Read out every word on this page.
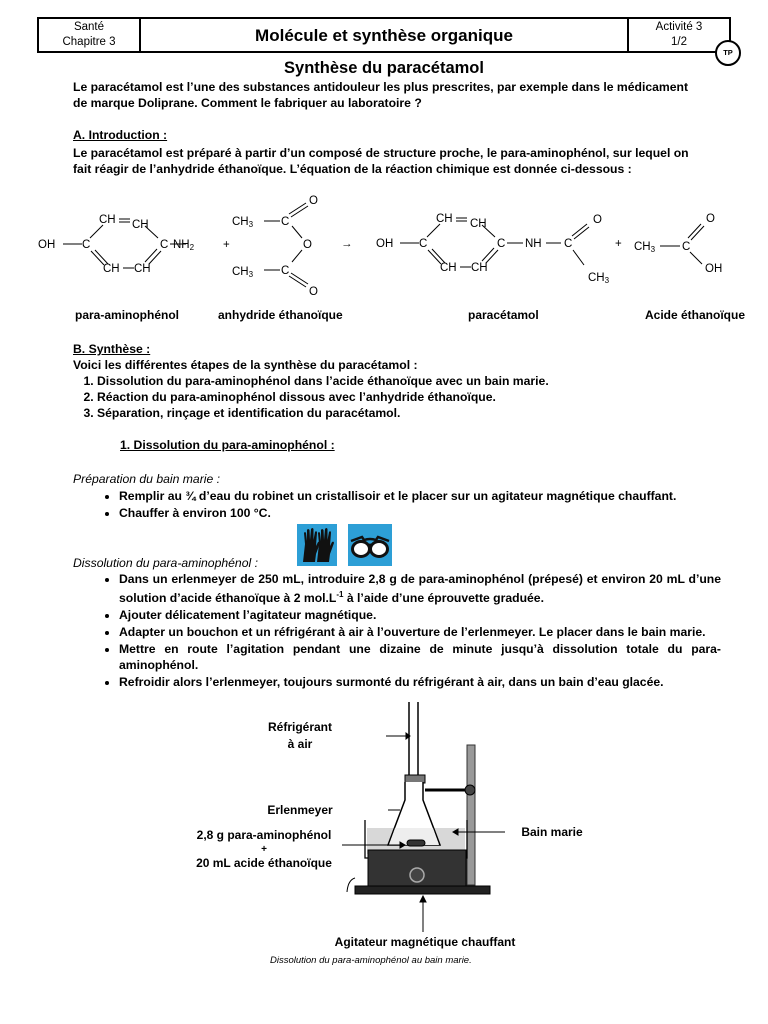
Santé
Chapitre 3	Molécule et synthèse organique	Activité 3
1/2
TP
Synthèse du paracétamol
Le paracétamol est l’une des substances antidouleur les plus prescrites, par exemple dans le médicament de marque Doliprane. Comment le fabriquer au laboratoire ?
A. Introduction :
Le paracétamol est préparé à partir d’un composé de structure proche, le para-aminophénol, sur lequel on fait réagir de l’anhydride éthanoïque. L’équation de la réaction chimique est donnée ci-dessous :
OH C
CH CH
CH CH
C NH2	+
CH3 C
O
O
CH3 C
O
→ OH C
CH CH
CH CH
C NH C
O
CH3
+ CH3 C
O
OH
para-aminophénol	anhydride éthanoïque	paracétamol	Acide éthanoïque
B. Synthèse :
Voici les différentes étapes de la synthèse du paracétamol :
1. Dissolution du para-aminophénol dans l’acide éthanoïque avec un bain marie.
2. Réaction du para-aminophénol dissous avec l’anhydride éthanoïque.
3. Séparation, rinçage et identification du paracétamol.
1. Dissolution du para-aminophénol :
Préparation du bain marie :
• Remplir au ¾ d’eau du robinet un cristallisoir et le placer sur un agitateur magnétique chauffant.
• Chauffer à environ 100 °C.
Dissolution du para-aminophénol :
• Dans un erlenmeyer de 250 mL, introduire 2,8 g de para-aminophénol (prépesé) et environ 20 mL d’une solution d’acide éthanoïque à 2 $mol.L^{-1}$ à l’aide d’une éprouvette graduée.
• Ajouter délicatement l’agitateur magnétique.
• Adapter un bouchon et un réfrigérant à air à l’ouverture de l’erlenmeyer. Le placer dans le bain marie.
• Mettre en route l’agitation pendant une dizaine de minute jusqu’à dissolution totale du para-aminophénol.
• Refroidir alors l’erlenmeyer, toujours surmonté du réfrigérant à air, dans un bain d’eau glacée.
Réfrigérant
à air
Erlenmeyer
2,8 g para-aminophénol
+
20 mL acide éthanoïque
Bain marie
Agitateur magnétique chauffant
Dissolution du para-aminophénol au bain marie.
